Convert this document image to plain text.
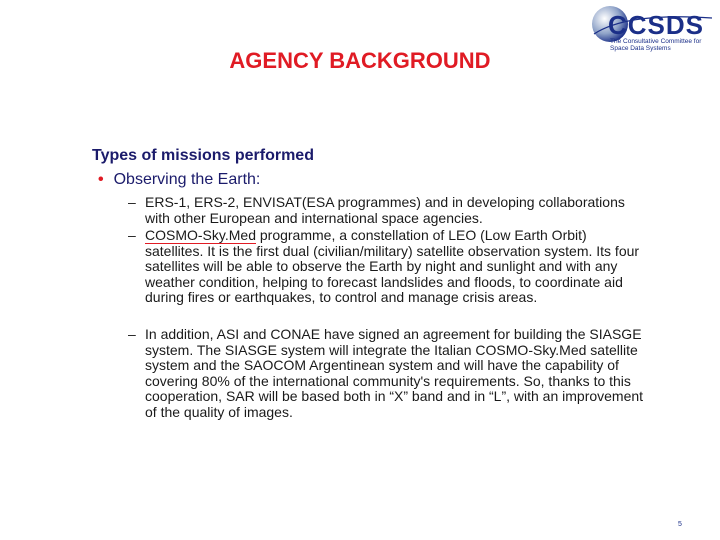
CCSDS
The Consultative Committee for Space Data Systems
AGENCY BACKGROUND
Types of missions performed
• Observing the Earth:
– ERS-1, ERS-2, ENVISAT(ESA programmes) and in developing collaborations with other European and international space agencies.
– COSMO-Sky.Med programme, a constellation of LEO (Low Earth Orbit) satellites. It is the first dual (civilian/military) satellite observation system. Its four satellites will be able to observe the Earth by night and sunlight and with any weather condition, helping to forecast landslides and floods, to coordinate aid during fires or earthquakes, to control and manage crisis areas.
– In addition, ASI and CONAE have signed an agreement for building the SIASGE system. The SIASGE system will integrate the Italian COSMO-Sky.Med satellite system and the SAOCOM Argentinean system and will have the capability of covering 80% of the international community's requirements. So, thanks to this cooperation, SAR will be based both in “X” band and in “L”, with an improvement of the quality of images.
5
